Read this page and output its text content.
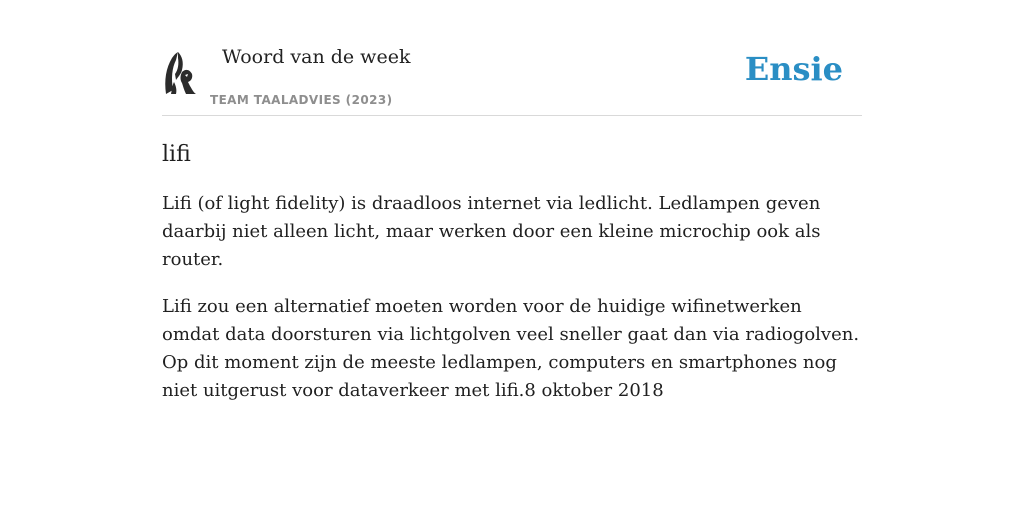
Woord van de week
TEAM TAALADVIES (2023)
Ensie
lifi

Lifi (of light fidelity) is draadloos internet via ledlicht. Ledlampen geven daarbij niet alleen licht, maar werken door een kleine microchip ook als router.

Lifi zou een alternatief moeten worden voor de huidige wifinetwerken omdat data doorsturen via lichtgolven veel sneller gaat dan via radiogolven. Op dit moment zijn de meeste ledlampen, computers en smartphones nog niet uitgerust voor dataverkeer met lifi.8 oktober 2018
